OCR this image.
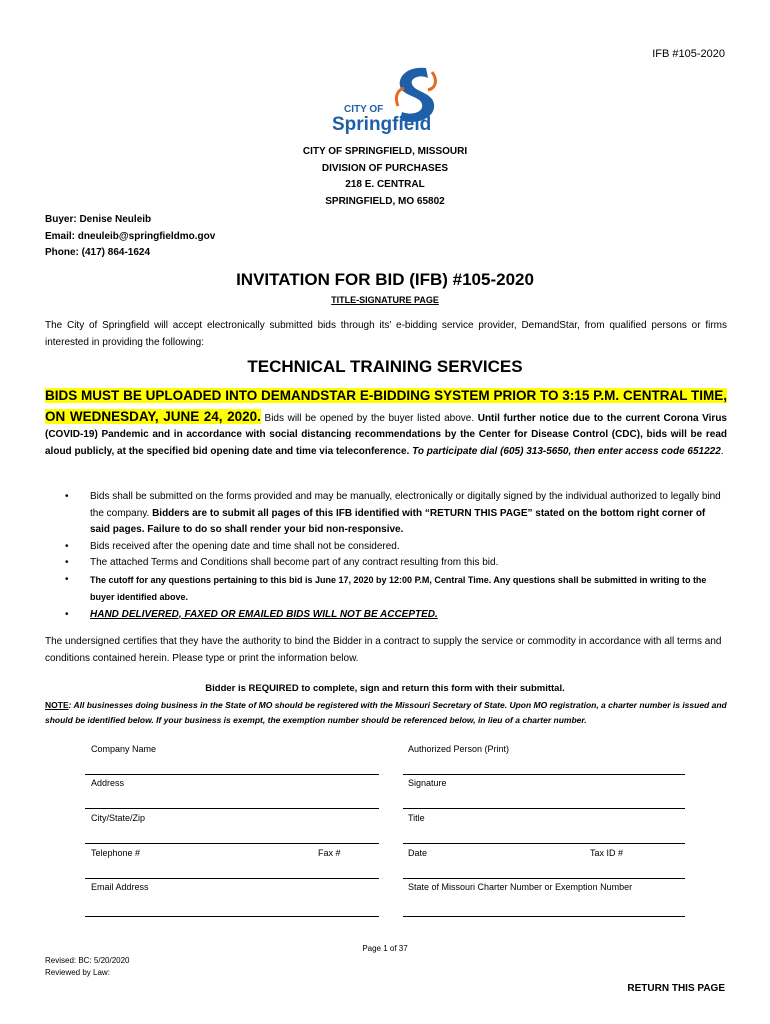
IFB #105-2020
CITY OF
Springfield
CITY OF SPRINGFIELD, MISSOURI
DIVISION OF PURCHASES
218 E. CENTRAL
SPRINGFIELD, MO 65802
Buyer: Denise Neuleib
Email: dneuleib@springfieldmo.gov
Phone: (417) 864-1624
INVITATION FOR BID (IFB) #105-2020
TITLE-SIGNATURE PAGE
The City of Springfield will accept electronically submitted bids through its’ e-bidding service provider, DemandStar, from qualified persons or firms interested in providing the following:
TECHNICAL TRAINING SERVICES
BIDS MUST BE UPLOADED INTO DEMANDSTAR E-BIDDING SYSTEM PRIOR TO 3:15 P.M. CENTRAL TIME, ON WEDNESDAY, JUNE 24, 2020. Bids will be opened by the buyer listed above. Until further notice due to the current Corona Virus (COVID-19) Pandemic and in accordance with social distancing recommendations by the Center for Disease Control (CDC), bids will be read aloud publicly, at the specified bid opening date and time via teleconference. To participate dial (605) 313-5650, then enter access code 651222.
• Bids shall be submitted on the forms provided and may be manually, electronically or digitally signed by the individual authorized to legally bind the company. Bidders are to submit all pages of this IFB identified with “RETURN THIS PAGE” stated on the bottom right corner of said pages. Failure to do so shall render your bid non-responsive.
• Bids received after the opening date and time shall not be considered.
• The attached Terms and Conditions shall become part of any contract resulting from this bid.
• The cutoff for any questions pertaining to this bid is June 17, 2020 by 12:00 P.M, Central Time. Any questions shall be submitted in writing to the buyer identified above.
• HAND DELIVERED, FAXED OR EMAILED BIDS WILL NOT BE ACCEPTED.
The undersigned certifies that they have the authority to bind the Bidder in a contract to supply the service or commodity in accordance with all terms and conditions contained herein. Please type or print the information below.
Bidder is REQUIRED to complete, sign and return this form with their submittal.
NOTE: All businesses doing business in the State of MO should be registered with the Missouri Secretary of State. Upon MO registration, a charter number is issued and should be identified below. If your business is exempt, the exemption number should be referenced below, in lieu of a charter number.
Company Name	Authorized Person (Print)
Address	Signature
City/State/Zip	Title
Telephone #	Fax #	Date	Tax ID #
Email Address	State of Missouri Charter Number or Exemption Number
Page 1 of 37
Revised: BC: 5/20/2020
Reviewed by Law:
RETURN THIS PAGE
